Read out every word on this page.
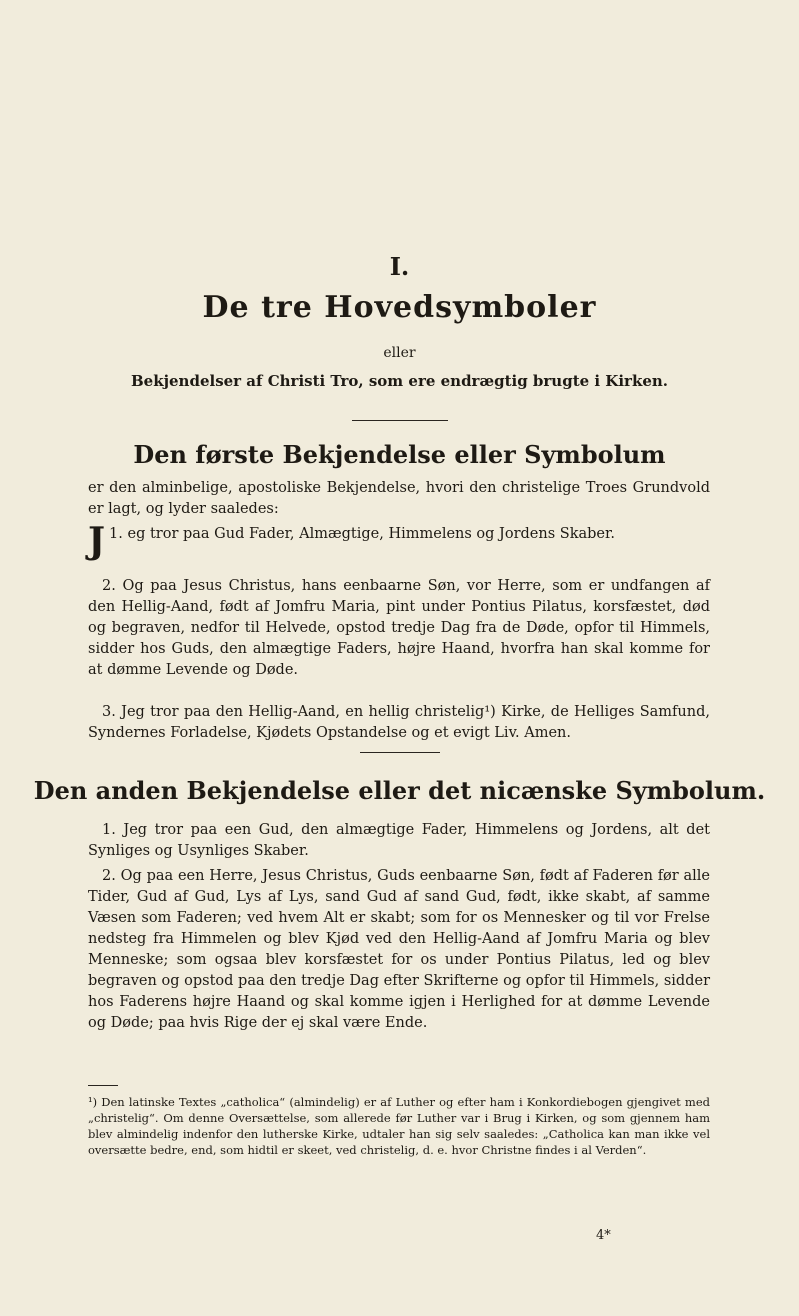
I.
De tre Hovedsymboler
eller
Bekjendelser af Christi Tro, som ere endrægtig brugte i Kirken.
Den første Bekjendelse eller Symbolum

er den alminbelige, apostoliske Bekjendelse, hvori den christelige Troes Grundvold er lagt, og lyder saaledes:

1.
J eg tror paa Gud Fader, Almægtige, Himmelens og Jordens Skaber.

2. Og paa Jesus Christus, hans eenbaarne Søn, vor Herre, som er undfangen af den Hellig-Aand, født af Jomfru Maria, pint under Pontius Pilatus, korsfæstet, død og begraven, nedfor til Helvede, opstod tredje Dag fra de Døde, opfor til Himmels, sidder hos Guds, den almægtige Faders, højre Haand, hvorfra han skal komme for at dømme Levende og Døde.

3. Jeg tror paa den Hellig-Aand, en hellig christelig¹) Kirke, de Helliges Samfund, Syndernes Forladelse, Kjødets Opstandelse og et evigt Liv. Amen.

Den anden Bekjendelse eller det nicænske Symbolum.

1. Jeg tror paa een Gud, den almægtige Fader, Himmelens og Jordens, alt det Synliges og Usynliges Skaber.

2. Og paa een Herre, Jesus Christus, Guds eenbaarne Søn, født af Faderen før alle Tider, Gud af Gud, Lys af Lys, sand Gud af sand Gud, født, ikke skabt, af samme Væsen som Faderen; ved hvem Alt er skabt; som for os Mennesker og til vor Frelse nedsteg fra Himmelen og blev Kjød ved den Hellig-Aand af Jomfru Maria og blev Menneske; som ogsaa blev korsfæstet for os under Pontius Pilatus, led og blev begraven og opstod paa den tredje Dag efter Skrifterne og opfor til Himmels, sidder hos Faderens højre Haand og skal komme igjen i Herlighed for at dømme Levende og Døde; paa hvis Rige der ej skal være Ende.

¹) Den latinske Textes „catholica“ (almindelig) er af Luther og efter ham i Konkordiebogen gjengivet med „christelig“. Om denne Oversættelse, som allerede før Luther var i Brug i Kirken, og som gjennem ham blev almindelig indenfor den lutherske Kirke, udtaler han sig selv saaledes: „Catholica kan man ikke vel oversætte bedre, end, som hidtil er skeet, ved christelig, d. e. hvor Christne findes i al Verden“.

4*
